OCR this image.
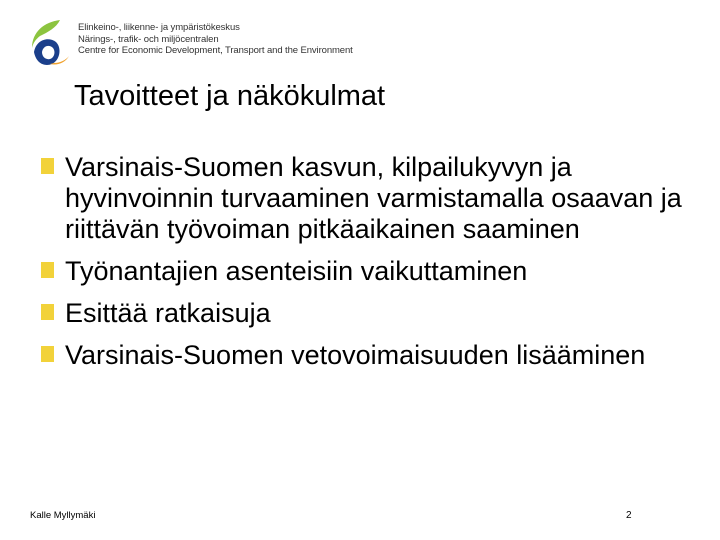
Elinkeino-, liikenne- ja ympäristökeskus
Närings-, trafik- och miljöcentralen
Centre for Economic Development, Transport and the Environment
Tavoitteet ja näkökulmat
Varsinais-Suomen kasvun, kilpailukyvyn ja hyvinvoinnin turvaaminen varmistamalla osaavan ja riittävän työvoiman pitkäaikainen saaminen
Työnantajien asenteisiin vaikuttaminen
Esittää ratkaisuja
Varsinais-Suomen vetovoimaisuuden lisääminen
Kalle Myllymäki	2
